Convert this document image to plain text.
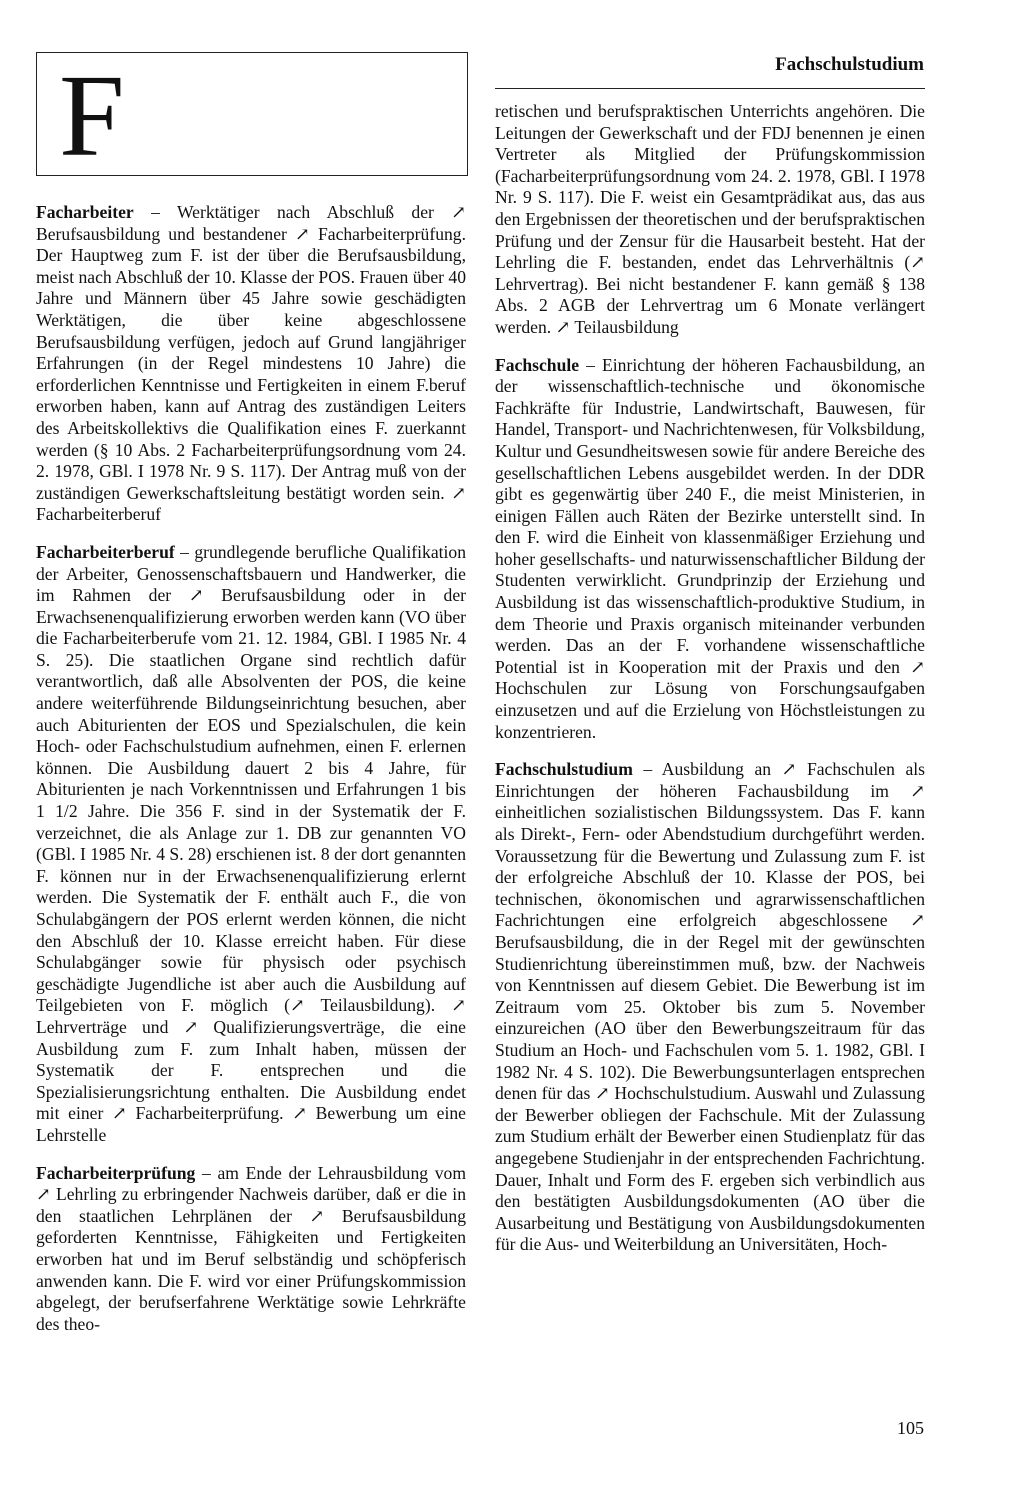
F	Fachschulstudium

Facharbeiter – Werktätiger nach Abschluß der ↗ Berufsausbildung und bestandener ↗ Facharbeiterprüfung. Der Hauptweg zum F. ist der über die Berufsausbildung, meist nach Abschluß der 10. Klasse der POS. Frauen über 40 Jahre und Männern über 45 Jahre sowie geschädigten Werktätigen, die über keine abgeschlossene Berufsausbildung verfügen, jedoch auf Grund langjähriger Erfahrungen (in der Regel mindestens 10 Jahre) die erforderlichen Kenntnisse und Fertigkeiten in einem F.beruf erworben haben, kann auf Antrag des zuständigen Leiters des Arbeitskollektivs die Qualifikation eines F. zuerkannt werden (§ 10 Abs. 2 Facharbeiterprüfungsordnung vom 24. 2. 1978, GBl. I 1978 Nr. 9 S. 117). Der Antrag muß von der zuständigen Gewerkschaftsleitung bestätigt worden sein. ↗ Facharbeiterberuf

Facharbeiterberuf – grundlegende berufliche Qualifikation der Arbeiter, Genossenschaftsbauern und Handwerker, die im Rahmen der ↗ Berufsausbildung oder in der Erwachsenenqualifizierung erworben werden kann (VO über die Facharbeiterberufe vom 21. 12. 1984, GBl. I 1985 Nr. 4 S. 25). Die staatlichen Organe sind rechtlich dafür verantwortlich, daß alle Absolventen der POS, die keine andere weiterführende Bildungseinrichtung besuchen, aber auch Abiturienten der EOS und Spezialschulen, die kein Hoch- oder Fachschulstudium aufnehmen, einen F. erlernen können. Die Ausbildung dauert 2 bis 4 Jahre, für Abiturienten je nach Vorkenntnissen und Erfahrungen 1 bis 1 1/2 Jahre. Die 356 F. sind in der Systematik der F. verzeichnet, die als Anlage zur 1. DB zur genannten VO (GBl. I 1985 Nr. 4 S. 28) erschienen ist. 8 der dort genannten F. können nur in der Erwachsenenqualifizierung erlernt werden. Die Systematik der F. enthält auch F., die von Schulabgängern der POS erlernt werden können, die nicht den Abschluß der 10. Klasse erreicht haben. Für diese Schulabgänger sowie für physisch oder psychisch geschädigte Jugendliche ist aber auch die Ausbildung auf Teilgebieten von F. möglich (↗ Teilausbildung). ↗ Lehrverträge und ↗ Qualifizierungsverträge, die eine Ausbildung zum F. zum Inhalt haben, müssen der Systematik der F. entsprechen und die Spezialisierungsrichtung enthalten. Die Ausbildung endet mit einer ↗ Facharbeiterprüfung. ↗ Bewerbung um eine Lehrstelle

Facharbeiterprüfung – am Ende der Lehrausbildung vom ↗ Lehrling zu erbringender Nachweis darüber, daß er die in den staatlichen Lehrplänen der ↗ Berufsausbildung geforderten Kenntnisse, Fähigkeiten und Fertigkeiten erworben hat und im Beruf selbständig und schöpferisch anwenden kann. Die F. wird vor einer Prüfungskommission abgelegt, der berufserfahrene Werktätige sowie Lehrkräfte des theo-

retischen und berufspraktischen Unterrichts angehören. Die Leitungen der Gewerkschaft und der FDJ benennen je einen Vertreter als Mitglied der Prüfungskommission (Facharbeiterprüfungsordnung vom 24. 2. 1978, GBl. I 1978 Nr. 9 S. 117). Die F. weist ein Gesamtprädikat aus, das aus den Ergebnissen der theoretischen und der berufspraktischen Prüfung und der Zensur für die Hausarbeit besteht. Hat der Lehrling die F. bestanden, endet das Lehrverhältnis (↗ Lehrvertrag). Bei nicht bestandener F. kann gemäß § 138 Abs. 2 AGB der Lehrvertrag um 6 Monate verlängert werden. ↗ Teilausbildung

Fachschule – Einrichtung der höheren Fachausbildung, an der wissenschaftlich-technische und ökonomische Fachkräfte für Industrie, Landwirtschaft, Bauwesen, für Handel, Transport- und Nachrichtenwesen, für Volksbildung, Kultur und Gesundheitswesen sowie für andere Bereiche des gesellschaftlichen Lebens ausgebildet werden. In der DDR gibt es gegenwärtig über 240 F., die meist Ministerien, in einigen Fällen auch Räten der Bezirke unterstellt sind. In den F. wird die Einheit von klassenmäßiger Erziehung und hoher gesellschafts- und naturwissenschaftlicher Bildung der Studenten verwirklicht. Grundprinzip der Erziehung und Ausbildung ist das wissenschaftlich-produktive Studium, in dem Theorie und Praxis organisch miteinander verbunden werden. Das an der F. vorhandene wissenschaftliche Potential ist in Kooperation mit der Praxis und den ↗ Hochschulen zur Lösung von Forschungsaufgaben einzusetzen und auf die Erzielung von Höchstleistungen zu konzentrieren.

Fachschulstudium – Ausbildung an ↗ Fachschulen als Einrichtungen der höheren Fachausbildung im ↗ einheitlichen sozialistischen Bildungssystem. Das F. kann als Direkt-, Fern- oder Abendstudium durchgeführt werden. Voraussetzung für die Bewertung und Zulassung zum F. ist der erfolgreiche Abschluß der 10. Klasse der POS, bei technischen, ökonomischen und agrarwissenschaftlichen Fachrichtungen eine erfolgreich abgeschlossene ↗ Berufsausbildung, die in der Regel mit der gewünschten Studienrichtung übereinstimmen muß, bzw. der Nachweis von Kenntnissen auf diesem Gebiet. Die Bewerbung ist im Zeitraum vom 25. Oktober bis zum 5. November einzureichen (AO über den Bewerbungszeitraum für das Studium an Hoch- und Fachschulen vom 5. 1. 1982, GBl. I 1982 Nr. 4 S. 102). Die Bewerbungsunterlagen entsprechen denen für das ↗ Hochschulstudium. Auswahl und Zulassung der Bewerber obliegen der Fachschule. Mit der Zulassung zum Studium erhält der Bewerber einen Studienplatz für das angegebene Studienjahr in der entsprechenden Fachrichtung. Dauer, Inhalt und Form des F. ergeben sich verbindlich aus den bestätigten Ausbildungsdokumenten (AO über die Ausarbeitung und Bestätigung von Ausbildungsdokumenten für die Aus- und Weiterbildung an Universitäten, Hoch-

105
